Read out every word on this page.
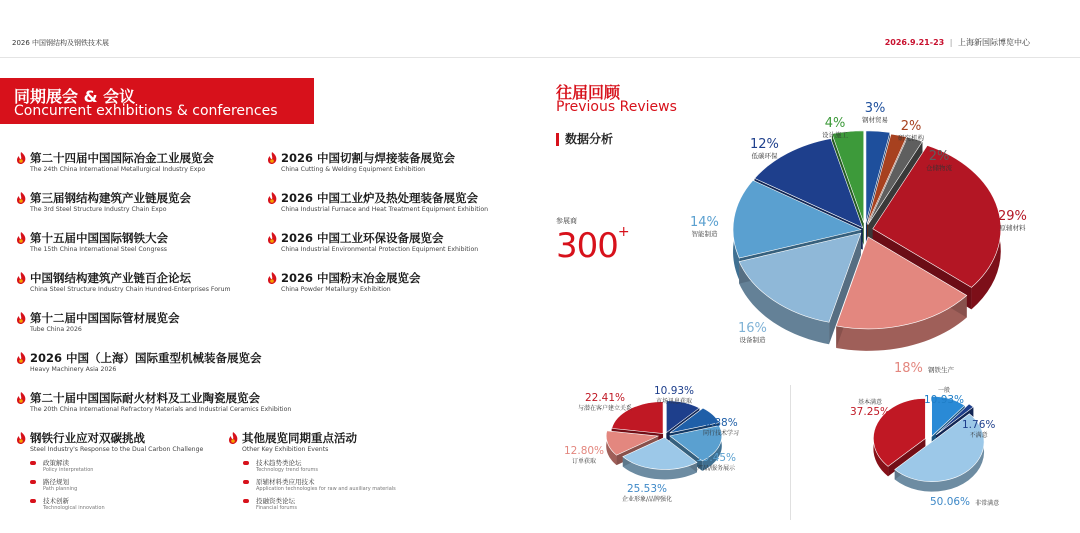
2026 中国钢结构及钢铁技术展	2026.9.21-23 | 上海新国际博览中心
同期展会 & 会议
Concurrent exhibitions & conferences
第二十四届中国国际冶金工业展览会
The 24th China International Metallurgical Industry Expo
第三届钢结构建筑产业链展览会
The 3rd Steel Structure Industry Chain Expo
第十五届中国国际钢铁大会
The 15th China International Steel Congress
中国钢结构建筑产业链百企论坛
China Steel Structure Industry Chain Hundred-Enterprises Forum
第十二届中国国际管材展览会
Tube China 2026
2026 中国（上海）国际重型机械装备展览会
Heavy Machinery Asia 2026
第二十届中国国际耐火材料及工业陶瓷展览会
The 20th China International Refractory Materials and Industrial Ceramics Exhibition
2026 中国切割与焊接装备展览会
China Cutting & Welding Equipment Exhibition
2026 中国工业炉及热处理装备展览会
China Industrial Furnace and Heat Treatment Equipment Exhibition
2026 中国工业环保设备展览会
China Industrial Environmental Protection Equipment Exhibition
2026 中国粉末冶金展览会
China Powder Metallurgy Exhibition
钢铁行业应对双碳挑战
Steel Industry's Response to the Dual Carbon Challenge
政策解读
Policy interpretation
路径规划
Path planning
技术创新
Technological innovation
其他展览同期重点活动
Other Key Exhibition Events
技术趋势类论坛
Technology trend forums
原辅材料类应用技术
Application technologies for raw and auxiliary materials
投融资类论坛
Financial forums
往届回顾
Previous Reviews
数据分析
参展商
300+
3%
钢材贸易 2%
研究机构
2%
仓储物流
29%
原辅材料
18% 钢铁生产
16%
设备制造
14%
智能制造
12%
低碳环保
4%
设计施工
10.93%
市场讯息获取
8.88%
同行技术学习
19.45%
产品/服务展示
25.53%
企业形象/品牌强化
12.80%
订单获取
22.41%
与潜在客户建立关系
一般
10.93%
1.76%
不满意
50.06% 非常满意
基本满意
37.25%
